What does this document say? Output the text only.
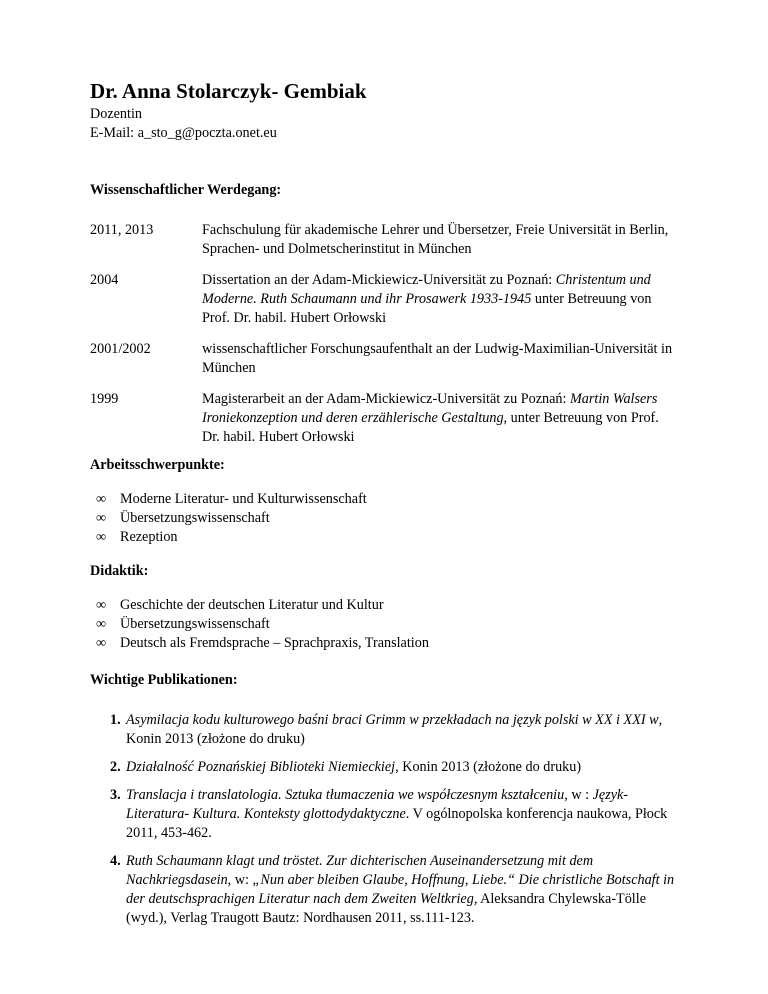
Dr. Anna Stolarczyk- Gembiak

Dozentin

E-Mail: a_sto_g@poczta.onet.eu

Wissenschaftlicher Werdegang:
2011, 2013	Fachschulung für akademische Lehrer und Übersetzer, Freie Universität in Berlin, Sprachen- und Dolmetscherinstitut in München
2004	Dissertation an der Adam-Mickiewicz-Universität zu Poznań: Christentum und Moderne. Ruth Schaumann und ihr Prosawerk 1933-1945 unter Betreuung von Prof. Dr. habil. Hubert Orłowski
2001/2002	wissenschaftlicher Forschungsaufenthalt an der Ludwig-Maximilian-Universität in München
1999	Magisterarbeit an der Adam-Mickiewicz-Universität zu Poznań: Martin Walsers Ironiekonzeption und deren erzählerische Gestaltung, unter Betreuung von Prof. Dr. habil. Hubert Orłowski
Arbeitsschwerpunkte:
∞ Moderne Literatur- und Kulturwissenschaft
∞ Übersetzungswissenschaft
∞ Rezeption
Didaktik:
∞ Geschichte der deutschen Literatur und Kultur
∞ Übersetzungswissenschaft
∞ Deutsch als Fremdsprache – Sprachpraxis, Translation
Wichtige Publikationen:
1. Asymilacja kodu kulturowego baśni braci Grimm w przekładach na język polski w XX i XXI w, Konin 2013 (złożone do druku)
2. Działalność Poznańskiej Biblioteki Niemieckiej, Konin 2013 (złożone do druku)
3. Translacja i translatologia. Sztuka tłumaczenia we współczesnym kształceniu, w : Język-Literatura- Kultura. Konteksty glottodydaktyczne. V ogólnopolska konferencja naukowa, Płock 2011, 453-462.
4. Ruth Schaumann klagt und tröstet. Zur dichterischen Auseinandersetzung mit dem Nachkriegsdasein, w: „Nun aber bleiben Glaube, Hoffnung, Liebe.“ Die christliche Botschaft in der deutschsprachigen Literatur nach dem Zweiten Weltkrieg, Aleksandra Chylewska-Tölle (wyd.), Verlag Traugott Bautz: Nordhausen 2011, ss.111-123.
